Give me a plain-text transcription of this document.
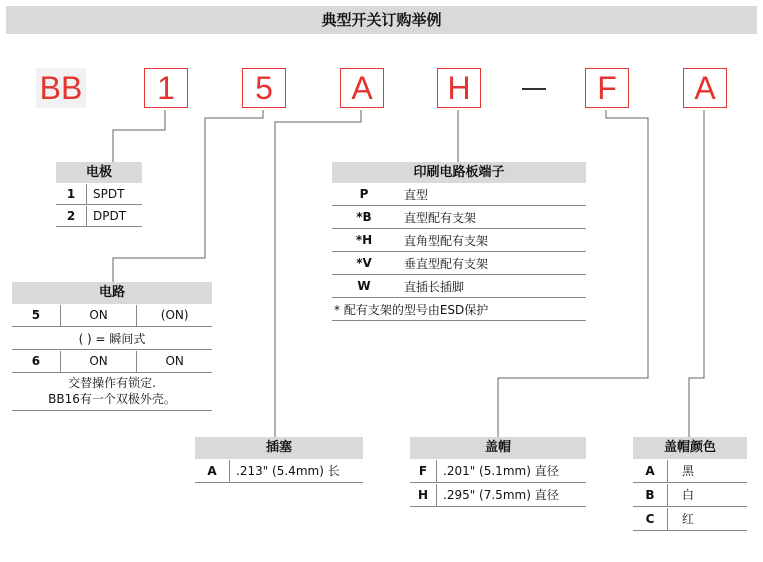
典型开关订购举例
BB	1	5	A	H	F	A
电极
1	SPDT
2	DPDT
电路
5	ON	(ON)
( ) = 瞬间式
6	ON	ON
交替操作有锁定.
BB16有一个双极外壳。
印刷电路板端子
P	直型
*B	直型配有支架
*H	直角型配有支架
*V	垂直型配有支架
W	直插长插脚
* 配有支架的型号由ESD保护
插塞
A	.213" (5.4mm) 长
盖帽
F	.201" (5.1mm) 直径
H	.295" (7.5mm) 直径
盖帽颜色
A	黑
B	白
C	红
